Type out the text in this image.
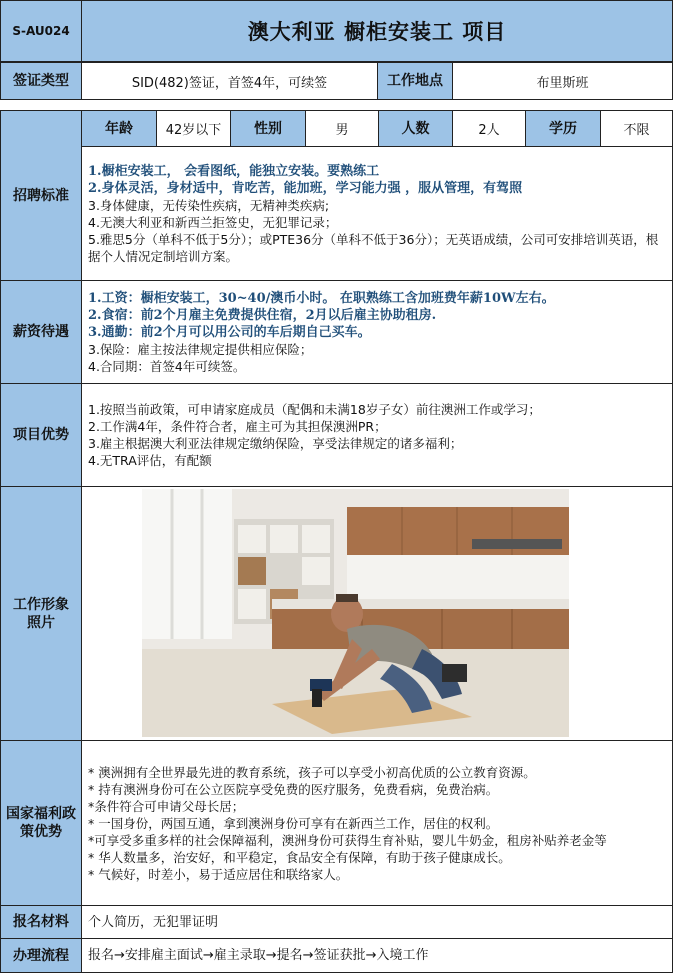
S-AU024	澳大利亚 橱柜安装工 项目
签证类型	SID(482)签证，首签4年，可续签	工作地点	布里斯班
招聘标准
年龄	42岁以下 性别	男	人数	2人	学历	不限
1.橱柜安装工， 会看图纸，能独立安装。要熟练工
2.身体灵活，身材适中，肯吃苦，能加班，学习能力强 ，服从管理，有驾照
3.身体健康，无传染性疾病，无精神类疾病;
4.无澳大利亚和新西兰拒签史，无犯罪记录；
5.雅思5分（单科不低于5分）；或PTE36分（单科不低于36分）；无英语成绩，公司可安排培训英语，根据个人情况定制培训方案。
薪资待遇
1.工资：橱柜安装工，30~40/澳币小时。 在职熟练工含加班费年薪10W左右。
2.食宿：前2个月雇主免费提供住宿，2月以后雇主协助租房.
3.通勤：前2个月可以用公司的车后期自己买车。
3.保险：雇主按法律规定提供相应保险；
4.合同期：首签4年可续签。
项目优势
1.按照当前政策，可申请家庭成员（配偶和未满18岁子女）前往澳洲工作或学习；
2.工作满4年，条件符合者，雇主可为其担保澳洲PR；
3.雇主根据澳大利亚法律规定缴纳保险，享受法律规定的诸多福利；
4.无TRA评估，有配额
工作形象照片
国家福利政策优势
* 澳洲拥有全世界最先进的教育系统，孩子可以享受小初高优质的公立教育资源。
* 持有澳洲身份可在公立医院享受免费的医疗服务，免费看病，免费治病。
*条件符合可申请父母长居；
* 一国身份，两国互通，拿到澳洲身份可享有在新西兰工作，居住的权利。
*可享受多重多样的社会保障福利，澳洲身份可获得生育补贴，婴儿牛奶金，租房补贴养老金等
* 华人数量多，治安好，和平稳定，食品安全有保障，有助于孩子健康成长。
* 气候好，时差小，易于适应居住和联络家人。
报名材料 个人简历，无犯罪证明
办理流程 报名→安排雇主面试→雇主录取→提名→签证获批→入境工作
